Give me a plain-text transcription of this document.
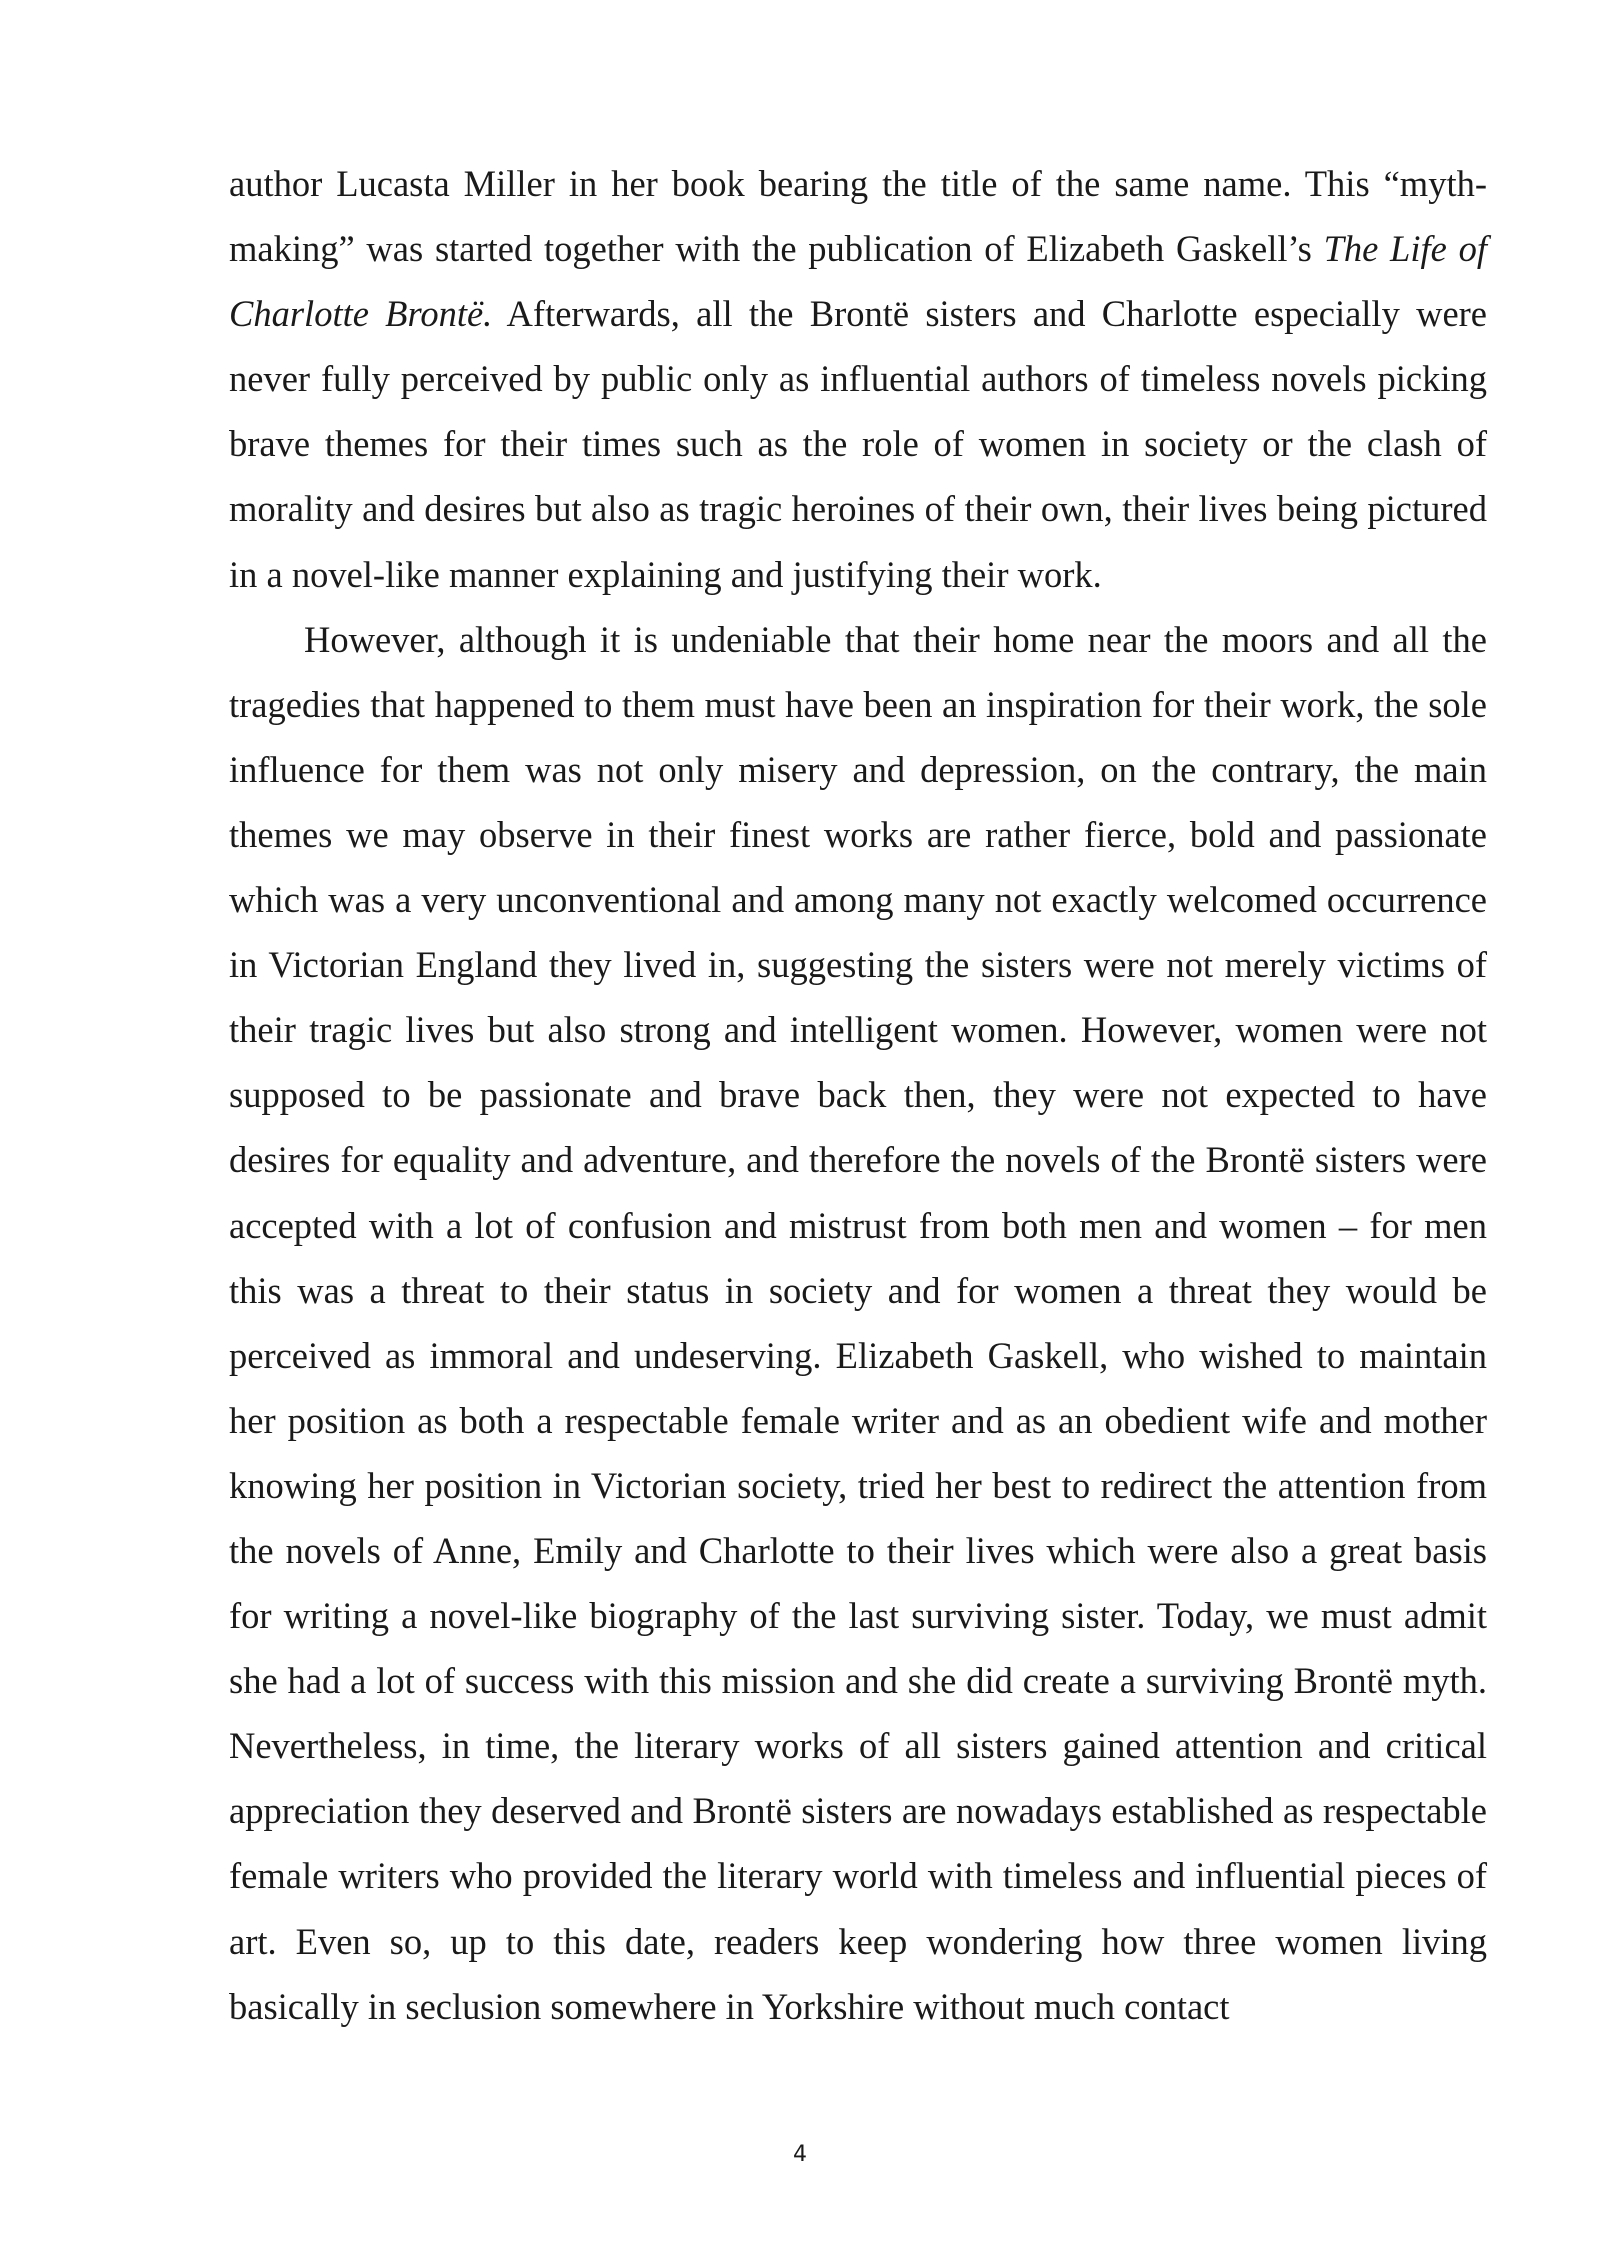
author Lucasta Miller in her book bearing the title of the same name. This “myth-making” was started together with the publication of Elizabeth Gaskell’s The Life of Charlotte Brontë. Afterwards, all the Brontë sisters and Charlotte especially were never fully perceived by public only as influential authors of timeless novels picking brave themes for their times such as the role of women in society or the clash of morality and desires but also as tragic heroines of their own, their lives being pictured in a novel-like manner explaining and justifying their work.

However, although it is undeniable that their home near the moors and all the tragedies that happened to them must have been an inspiration for their work, the sole influence for them was not only misery and depression, on the contrary, the main themes we may observe in their finest works are rather fierce, bold and passionate which was a very unconventional and among many not exactly welcomed occurrence in Victorian England they lived in, suggesting the sisters were not merely victims of their tragic lives but also strong and intelligent women. However, women were not supposed to be passionate and brave back then, they were not expected to have desires for equality and adventure, and therefore the novels of the Brontë sisters were accepted with a lot of confusion and mistrust from both men and women – for men this was a threat to their status in society and for women a threat they would be perceived as immoral and undeserving. Elizabeth Gaskell, who wished to maintain her position as both a respectable female writer and as an obedient wife and mother knowing her position in Victorian society, tried her best to redirect the attention from the novels of Anne, Emily and Charlotte to their lives which were also a great basis for writing a novel-like biography of the last surviving sister. Today, we must admit she had a lot of success with this mission and she did create a surviving Brontë myth. Nevertheless, in time, the literary works of all sisters gained attention and critical appreciation they deserved and Brontë sisters are nowadays established as respectable female writers who provided the literary world with timeless and influential pieces of art. Even so, up to this date, readers keep wondering how three women living basically in seclusion somewhere in Yorkshire without much contact

4
